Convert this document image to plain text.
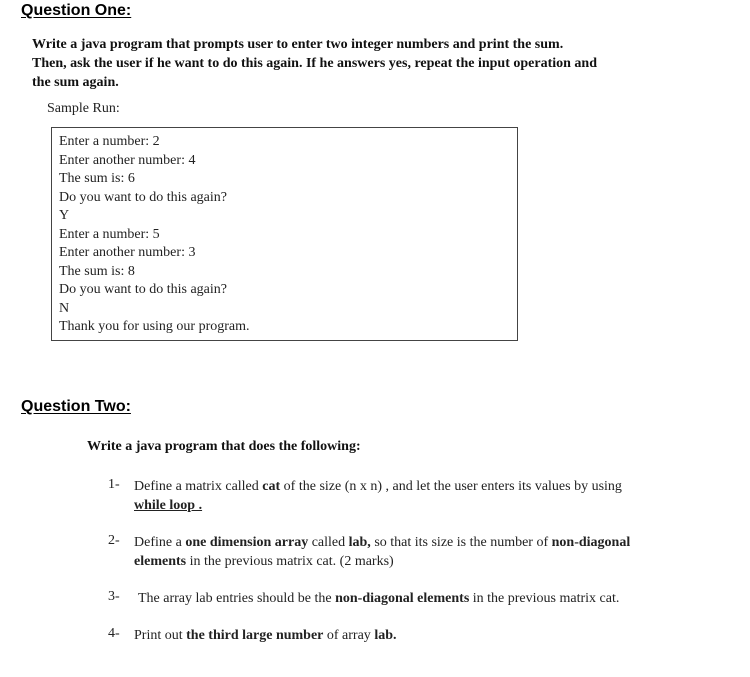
Question One:
Write a java program that prompts user to enter two integer numbers and print the sum.
Then, ask the user if he want to do this again. If he answers yes, repeat the input operation and
the sum again.
Sample Run:
Enter a number: 2
Enter another number: 4
The sum is: 6
Do you want to do this again?
Y
Enter a number: 5
Enter another number: 3
The sum is: 8
Do you want to do this again?
N
Thank you for using our program.
Question Two:
Write a java program that does the following:
1- Define a matrix called cat of the size (n x n) , and let the user enters its values by using
while loop .
2- Define a one dimension array called lab, so that its size is the number of non-diagonal
elements in the previous matrix cat. (2 marks)
3- The array lab entries should be the non-diagonal elements in the previous matrix cat.
4- Print out the third large number of array lab.
